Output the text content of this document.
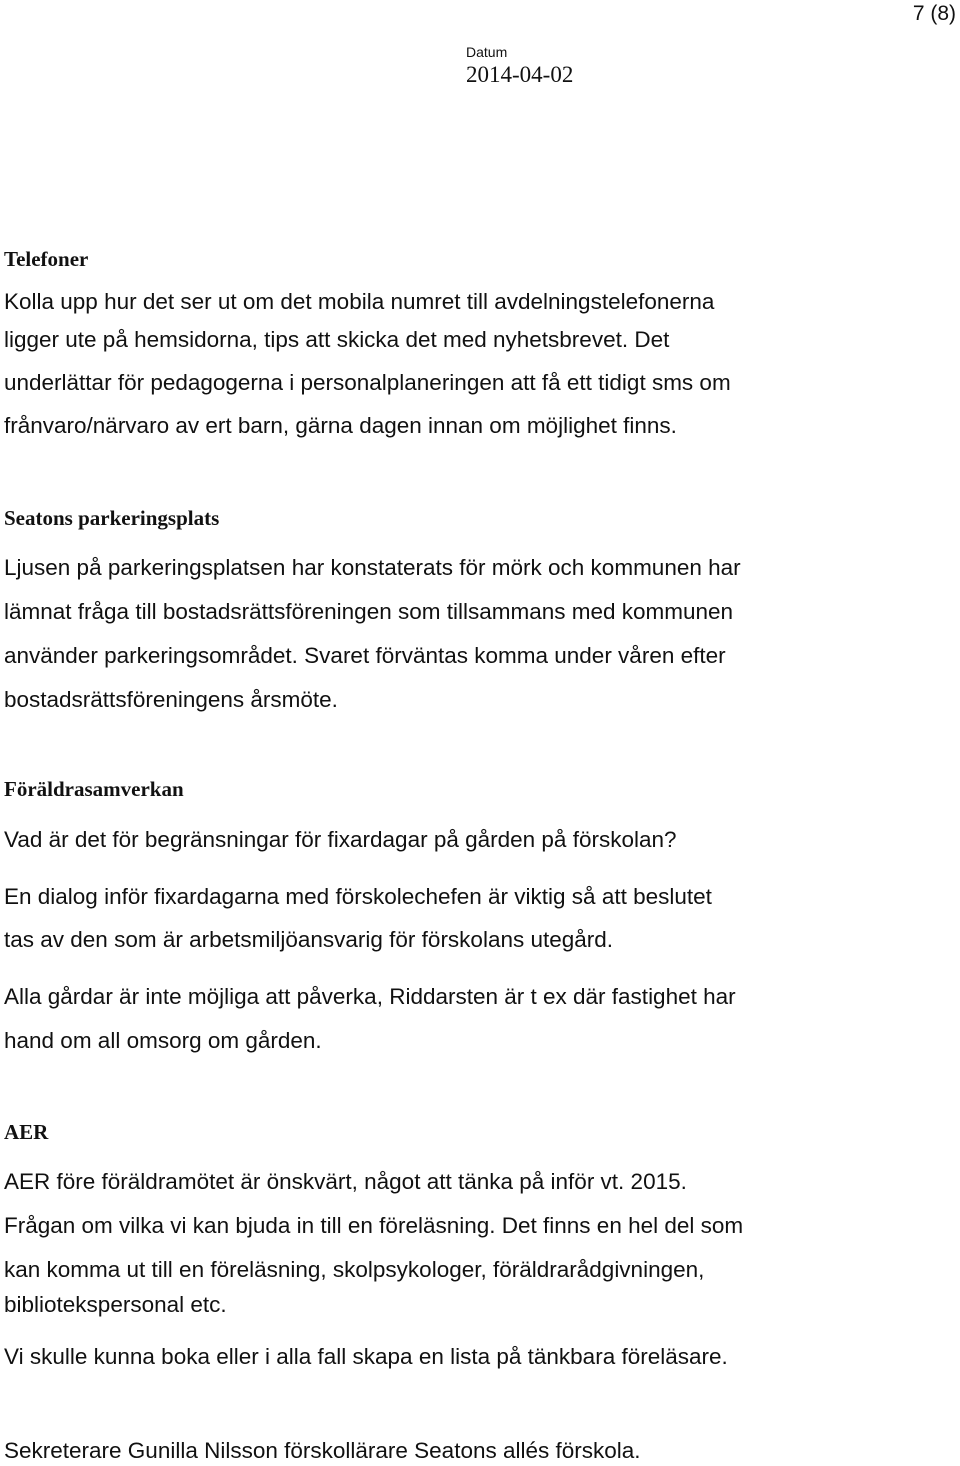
7 (8)
Datum
2014-04-02
Telefoner
Kolla upp hur det ser ut om det mobila numret till avdelningstelefonerna
ligger ute på hemsidorna, tips att skicka det med nyhetsbrevet. Det
underlättar för pedagogerna i personalplaneringen att få ett tidigt sms om
frånvaro/närvaro av ert barn, gärna dagen innan om möjlighet finns.
Seatons parkeringsplats
Ljusen på parkeringsplatsen har konstaterats för mörk och kommunen har
lämnat fråga till bostadsrättsföreningen som tillsammans med kommunen
använder parkeringsområdet. Svaret förväntas komma under våren efter
bostadsrättsföreningens årsmöte.
Föräldrasamverkan
Vad är det för begränsningar för fixardagar på gården på förskolan?
En dialog inför fixardagarna med förskolechefen är viktig så att beslutet
tas av den som är arbetsmiljöansvarig för förskolans utegård.
Alla gårdar är inte möjliga att påverka, Riddarsten är t ex där fastighet har
hand om all omsorg om gården.
AER
AER före föräldramötet är önskvärt, något att tänka på inför vt. 2015.
Frågan om vilka vi kan bjuda in till en föreläsning. Det finns en hel del som
kan komma ut till en föreläsning, skolpsykologer, föräldrarådgivningen,
bibliotekspersonal etc.
Vi skulle kunna boka eller i alla fall skapa en lista på tänkbara föreläsare.
Sekreterare Gunilla Nilsson förskollärare Seatons allés förskola.
